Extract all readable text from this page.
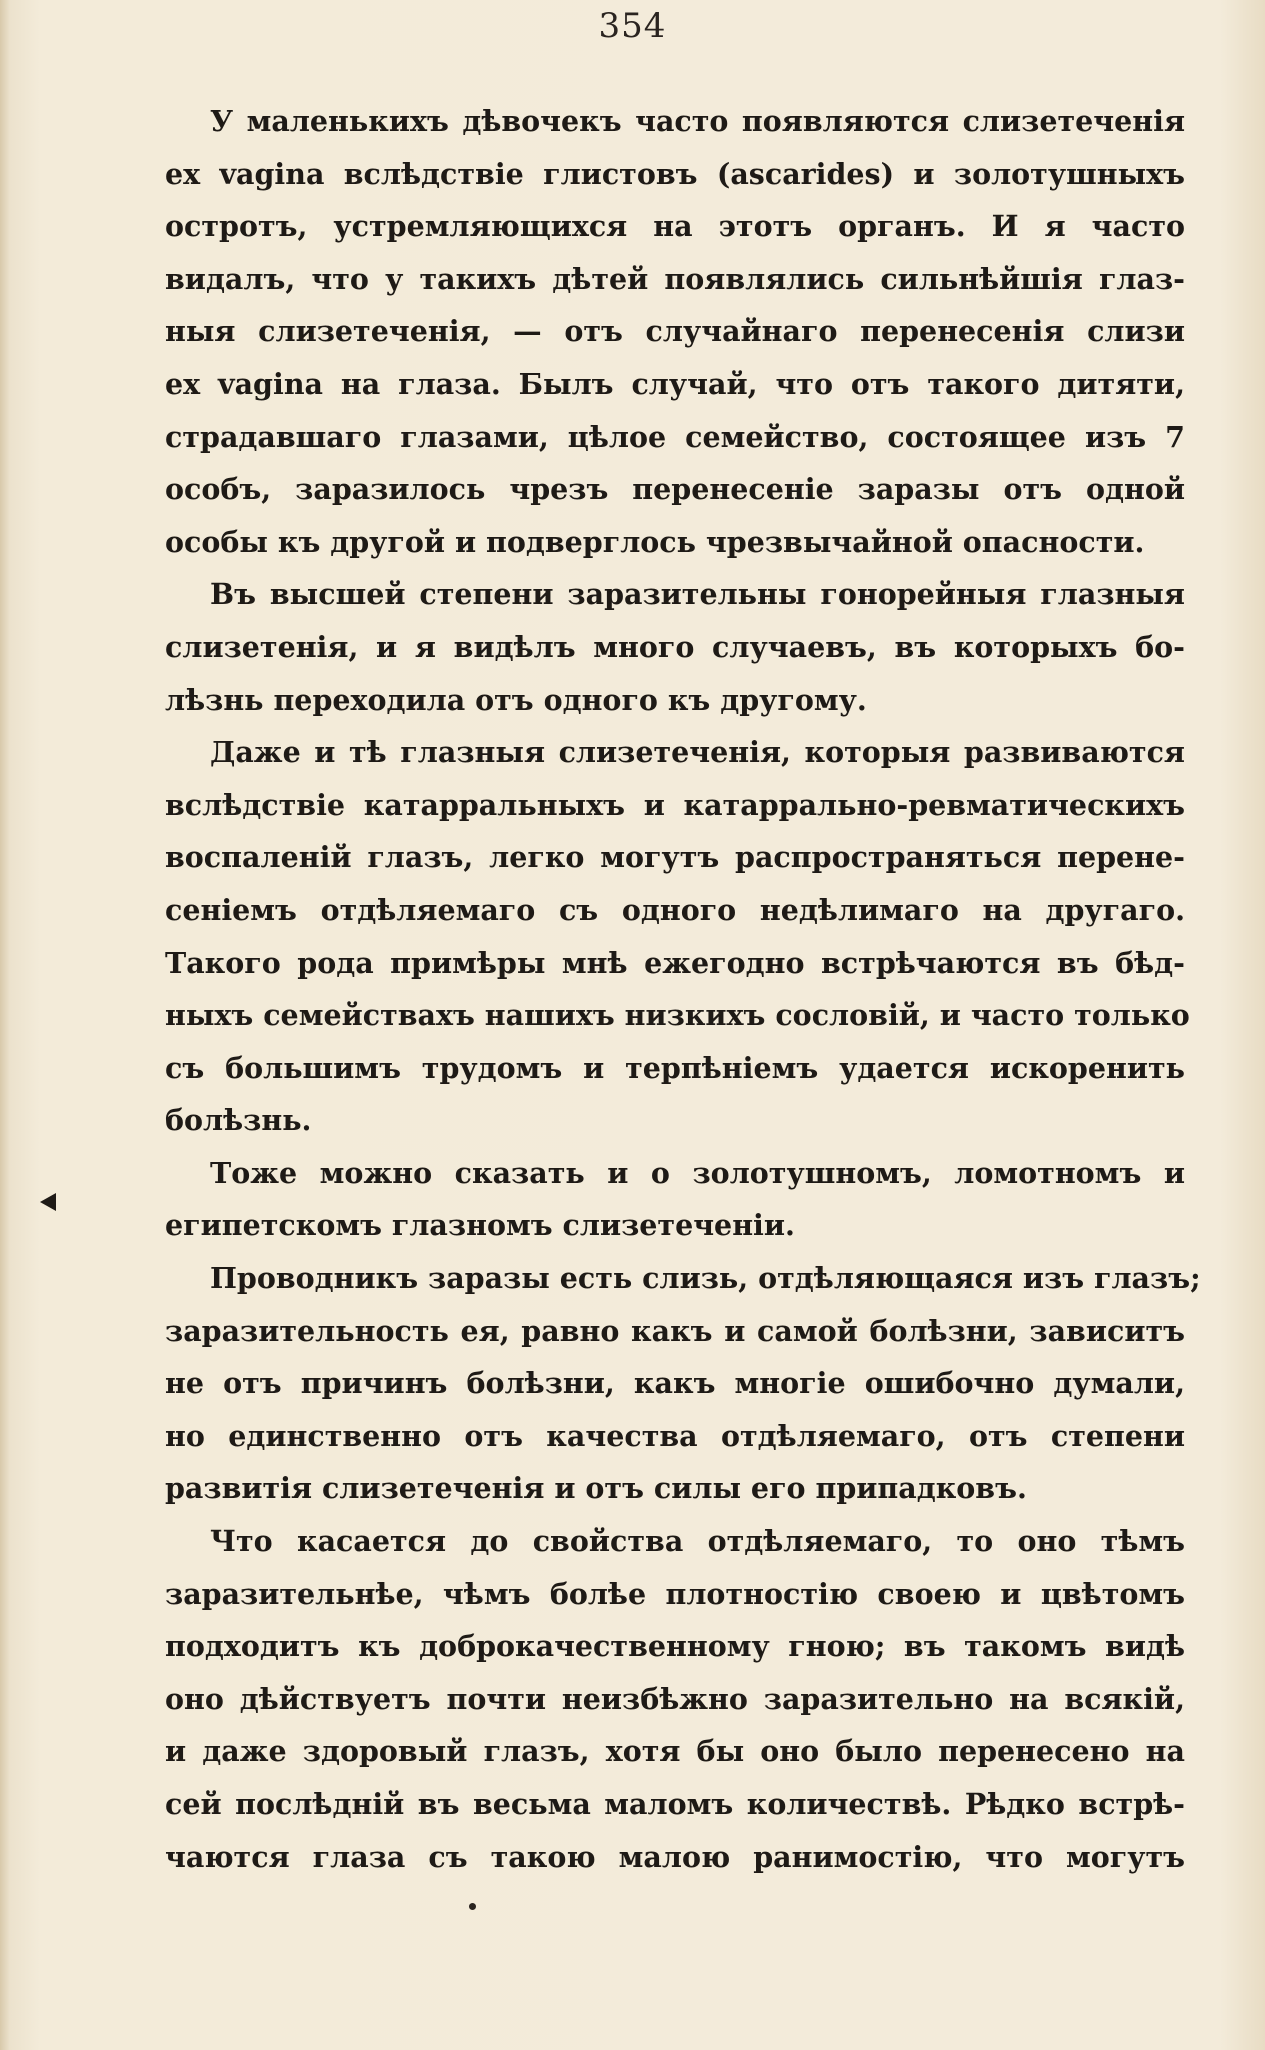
354
У маленькихъ дѣвочекъ часто появляются слизетеченія
ex vagina вслѣдствіе глистовъ (ascarides) и золотушныхъ
остротъ, устремляющихся на этотъ органъ. И я часто
видалъ, что у такихъ дѣтей появлялись сильнѣйшія глаз-
ныя слизетеченія, — отъ случайнаго перенесенія слизи
ex vagina на глаза. Былъ случай, что отъ такого дитяти,
страдавшаго глазами, цѣлое семейство, состоящее изъ 7
особъ, заразилось чрезъ перенесеніе заразы отъ одной
особы къ другой и подверглось чрезвычайной опасности.
Въ высшей степени заразительны гонорейныя глазныя
слизетенія, и я видѣлъ много случаевъ, въ которыхъ бо-
лѣзнь переходила отъ одного къ другому.
Даже и тѣ глазныя слизетеченія, которыя развиваются
вслѣдствіе катарральныхъ и катаррально-ревматическихъ
воспаленій глазъ, легко могутъ распространяться перене-
сеніемъ отдѣляемаго съ одного недѣлимаго на другаго.
Такого рода примѣры мнѣ ежегодно встрѣчаются въ бѣд-
ныхъ семействахъ нашихъ низкихъ сословій, и часто только
съ большимъ трудомъ и терпѣніемъ удается искоренить
болѣзнь.
Тоже можно сказать и о золотушномъ, ломотномъ и
египетскомъ глазномъ слизетеченіи.
Проводникъ заразы есть слизь, отдѣляющаяся изъ глазъ;
заразительность ея, равно какъ и самой болѣзни, зависитъ
не отъ причинъ болѣзни, какъ многіе ошибочно думали,
но единственно отъ качества отдѣляемаго, отъ степени
развитія слизетеченія и отъ силы его припадковъ.
Что касается до свойства отдѣляемаго, то оно тѣмъ
заразительнѣе, чѣмъ болѣе плотностію своею и цвѣтомъ
подходитъ къ доброкачественному гною; въ такомъ видѣ
оно дѣйствуетъ почти неизбѣжно заразительно на всякій,
и даже здоровый глазъ, хотя бы оно было перенесено на
сей послѣдній въ весьма маломъ количествѣ. Рѣдко встрѣ-
чаются глаза съ такою малою ранимостію, что могутъ
